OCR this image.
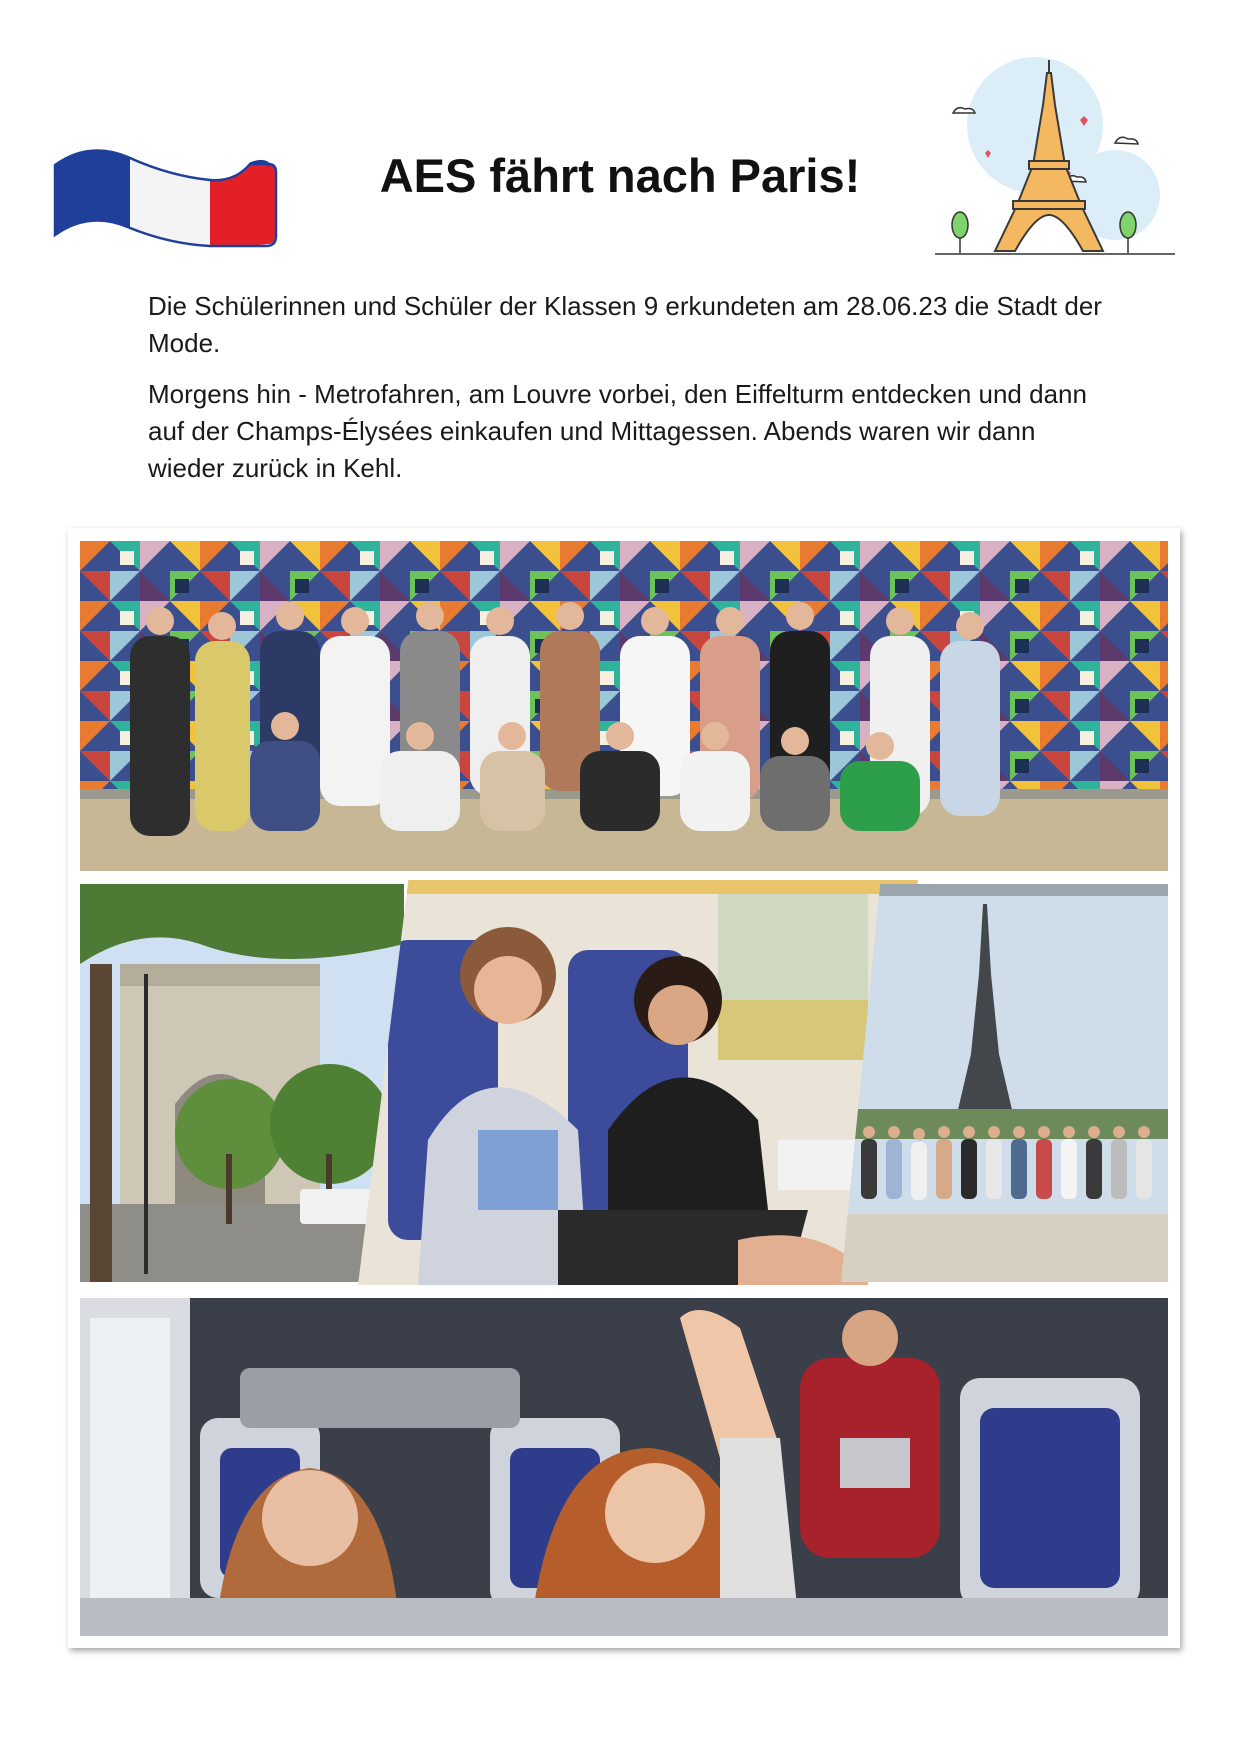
AES fährt nach Paris!

Die Schülerinnen und Schüler der Klassen 9 erkundeten am 28.06.23 die Stadt der Mode.

Morgens hin - Metrofahren, am Louvre vorbei, den Eiffelturm entdecken und dann auf der Champs-Élysées einkaufen und Mittagessen. Abends waren wir dann wieder zurück in Kehl.
